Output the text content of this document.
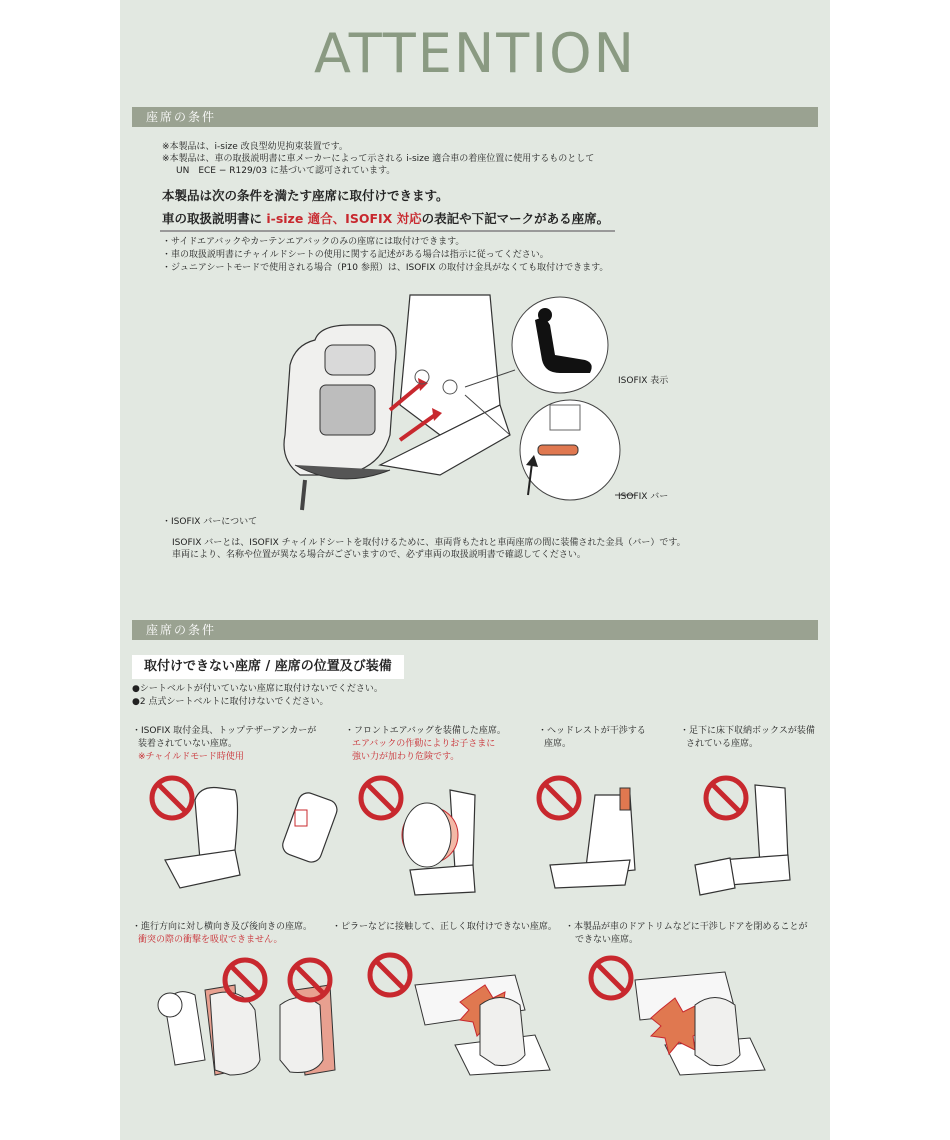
ATTENTION
座席の条件
※本製品は、i-size 改良型幼児拘束装置です。
※本製品は、車の取扱説明書に車メーカーによって示される i-size 適合車の着座位置に使用するものとして
UN　ECE − R129/03 に基づいて認可されています。
本製品は次の条件を満たす座席に取付けできます。
車の取扱説明書に i-size 適合、ISOFIX 対応の表記や下記マークがある座席。
・サイドエアバックやカーテンエアバックのみの座席には取付けできます。
・車の取扱説明書にチャイルドシートの使用に関する記述がある場合は指示に従ってください。
・ジュニアシートモードで使用される場合（P10 参照）は、ISOFIX の取付け金具がなくても取付けできます。
ISOFIX 表示
ISOFIX バー
・ISOFIX バーについて
ISOFIX バーとは、ISOFIX チャイルドシートを取付けるために、車両背もたれと車両座席の間に装備された金具（バー）です。
車両により、名称や位置が異なる場合がございますので、必ず車両の取扱説明書で確認してください。
座席の条件
取付けできない座席 / 座席の位置及び装備
●シートベルトが付いていない座席に取付けないでください。
●2 点式シートベルトに取付けないでください。
・ISOFIX 取付金具、トップテザーアンカーが
装着されていない座席。
※チャイルドモード時使用
・フロントエアバッグを装備した座席。
エアバックの作動によりお子さまに
強い力が加わり危険です。
・ヘッドレストが干渉する
座席。
・足下に床下収納ボックスが装備
されている座席。
・進行方向に対し横向き及び後向きの座席。
衝突の際の衝撃を吸収できません。
・ピラーなどに接触して、正しく取付けできない座席。 ・本製品が車のドアトリムなどに干渉しドアを閉めることが
できない座席。
